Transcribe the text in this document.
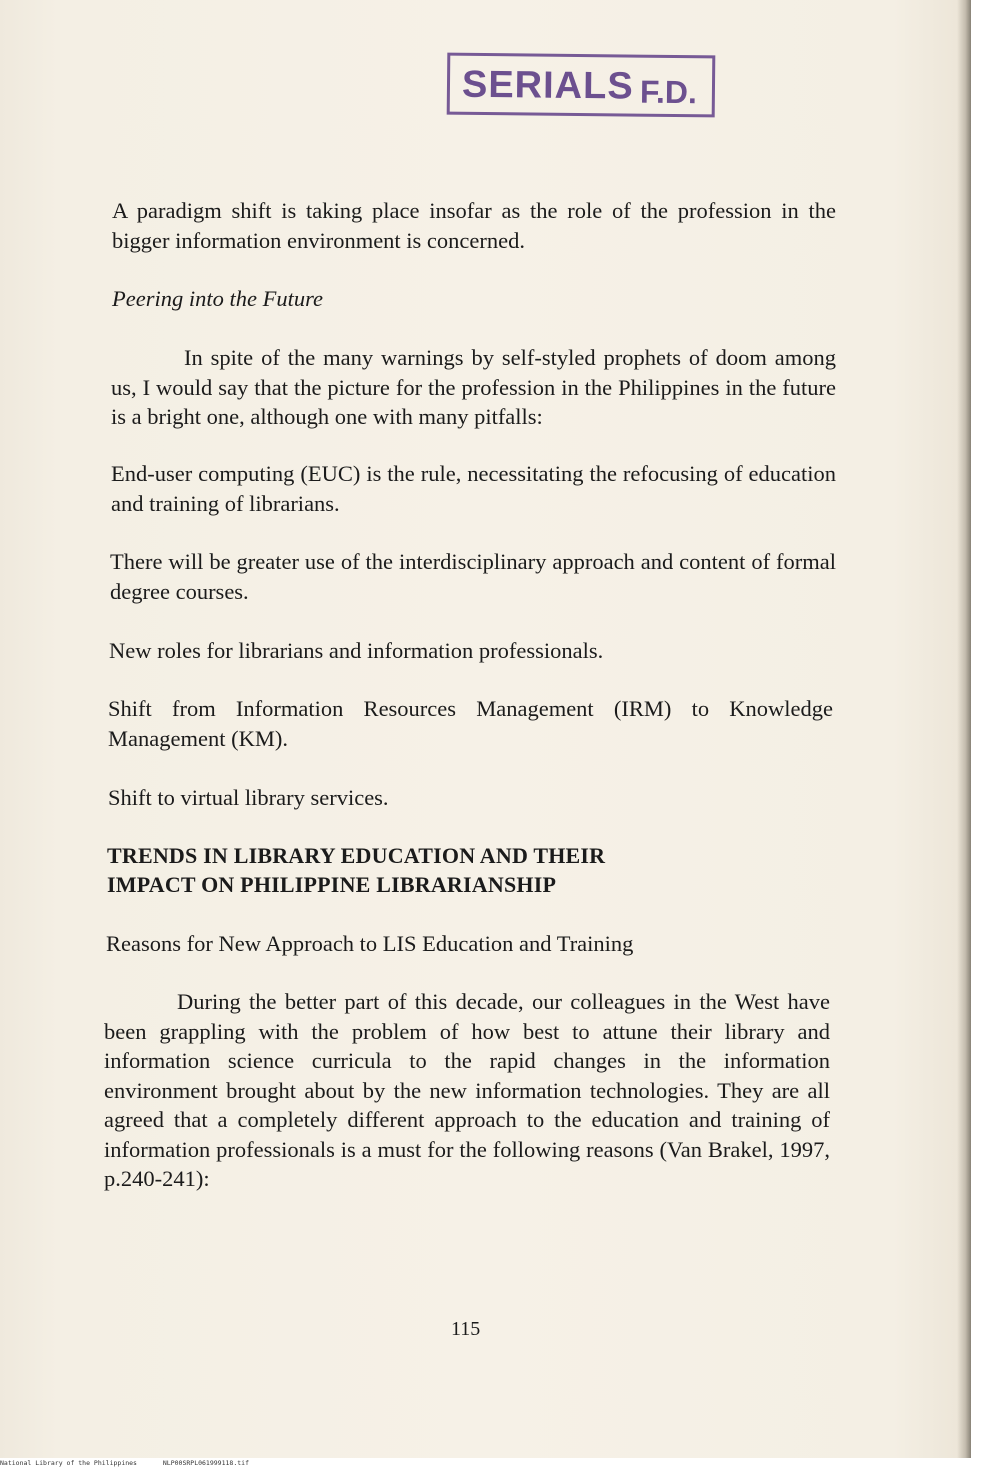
SERIALS F.D.
A paradigm shift is taking place insofar as the role of the profession in the bigger information environment is concerned.
Peering into the Future
In spite of the many warnings by self-styled prophets of doom among us, I would say that the picture for the profession in the Philippines in the future is a bright one, although one with many pitfalls:
End-user computing (EUC) is the rule, necessitating the refocusing of education and training of librarians.
There will be greater use of the interdisciplinary approach and content of formal degree courses.
New roles for librarians and information professionals.
Shift from Information Resources Management (IRM) to Knowledge Management (KM).
Shift to virtual library services.
TRENDS IN LIBRARY EDUCATION AND THEIR
IMPACT ON PHILIPPINE LIBRARIANSHIP
Reasons for New Approach to LIS Education and Training
During the better part of this decade, our colleagues in the West have been grappling with the problem of how best to attune their library and information science curricula to the rapid changes in the information environment brought about by the new information technologies. They are all agreed that a completely different approach to the education and training of information professionals is a must for the following reasons (Van Brakel, 1997, p.240-241):
115
National Library of the Philippines	NLP00SRPL061999118.tif
